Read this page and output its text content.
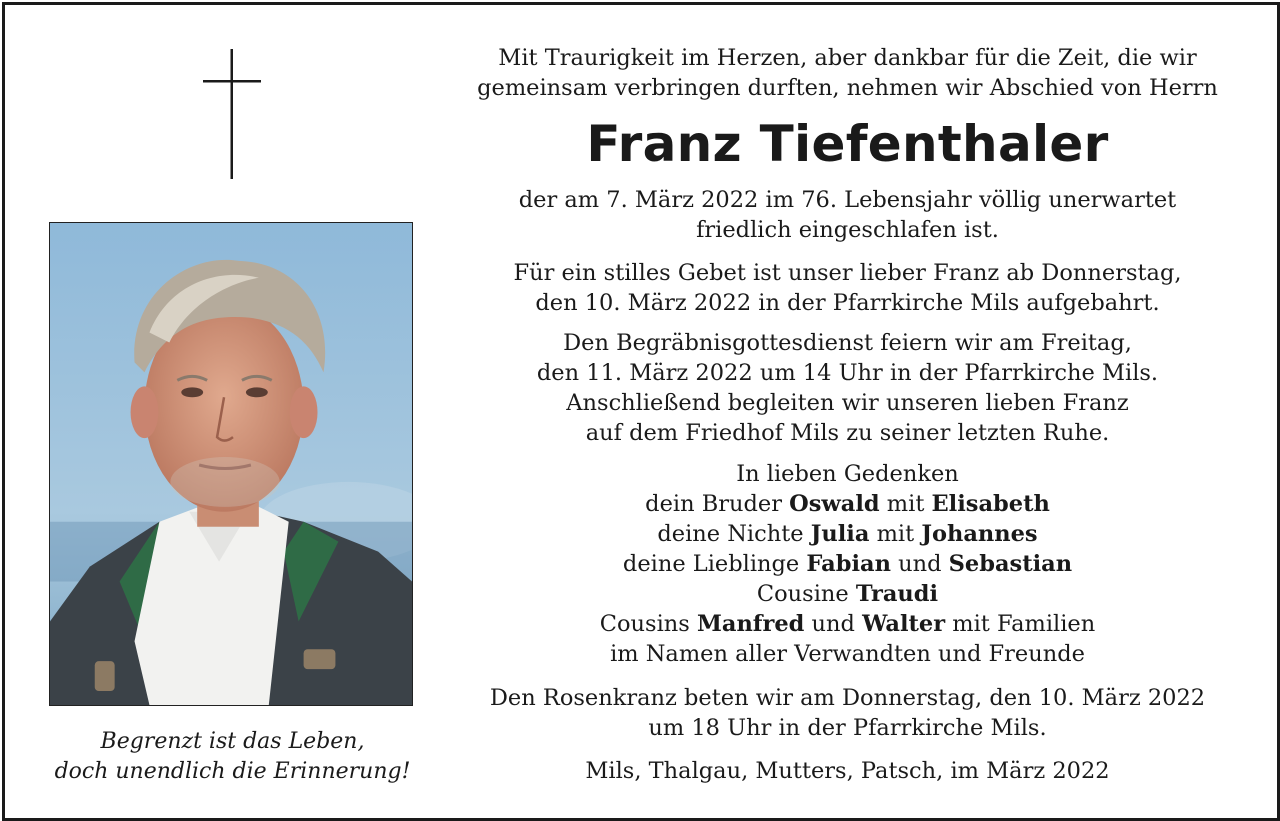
Begrenzt ist das Leben,
doch unendlich die Erinnerung!

Mit Traurigkeit im Herzen, aber dankbar für die Zeit, die wir
gemeinsam verbringen durften, nehmen wir Abschied von Herrn

Franz Tiefenthaler

der am 7. März 2022 im 76. Lebensjahr völlig unerwartet
friedlich eingeschlafen ist.

Für ein stilles Gebet ist unser lieber Franz ab Donnerstag,
den 10. März 2022 in der Pfarrkirche Mils aufgebahrt.

Den Begräbnisgottesdienst feiern wir am Freitag,
den 11. März 2022 um 14 Uhr in der Pfarrkirche Mils.
Anschließend begleiten wir unseren lieben Franz
auf dem Friedhof Mils zu seiner letzten Ruhe.

In lieben Gedenken
dein Bruder Oswald mit Elisabeth
deine Nichte Julia mit Johannes
deine Lieblinge Fabian und Sebastian
Cousine Traudi
Cousins Manfred und Walter mit Familien
im Namen aller Verwandten und Freunde

Den Rosenkranz beten wir am Donnerstag, den 10. März 2022
um 18 Uhr in der Pfarrkirche Mils.

Mils, Thalgau, Mutters, Patsch, im März 2022
